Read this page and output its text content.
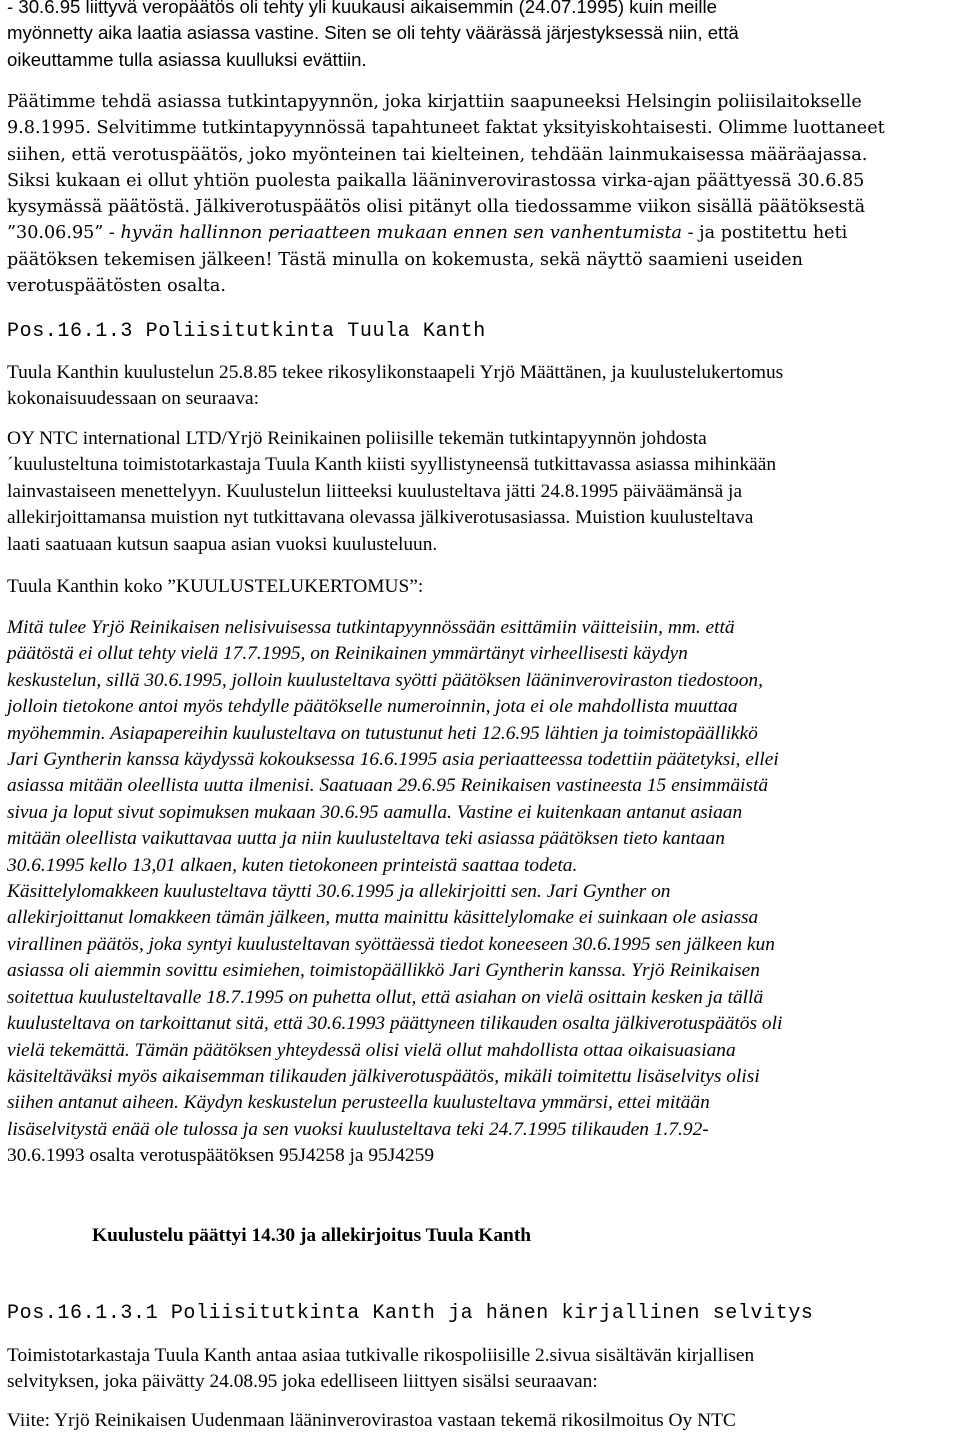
- 30.6.95 liittyvä veropäätös oli tehty yli kuukausi aikaisemmin (24.07.1995) kuin meille
myönnetty aika laatia asiassa vastine. Siten se oli tehty väärässä järjestyksessä niin, että
oikeuttamme tulla asiassa kuulluksi evättiin.
Päätimme tehdä asiassa tutkintapyynnön, joka kirjattiin saapuneeksi Helsingin poliisilaitokselle
9.8.1995. Selvitimme tutkintapyynnössä tapahtuneet faktat yksityiskohtaisesti. Olimme luottaneet
siihen, että verotuspäätös, joko myönteinen tai kielteinen, tehdään lainmukaisessa määräajassa.
Siksi kukaan ei ollut yhtiön puolesta paikalla lääninverovirastossa virka-ajan päättyessä 30.6.85
kysymässä päätöstä. Jälkiverotuspäätös olisi pitänyt olla tiedossamme viikon sisällä päätöksestä
”30.06.95” - hyvän hallinnon periaatteen mukaan ennen sen vanhentumista - ja postitettu heti
päätöksen tekemisen jälkeen! Tästä minulla on kokemusta, sekä näyttö saamieni useiden
verotuspäätösten osalta.
Pos.16.1.3 Poliisitutkinta Tuula Kanth
Tuula Kanthin kuulustelun 25.8.85 tekee rikosylikonstaapeli Yrjö Määttänen, ja kuulustelukertomus
kokonaisuudessaan on seuraava:
OY NTC international LTD/Yrjö Reinikainen poliisille tekemän tutkintapyynnön johdosta
´kuulusteltuna toimistotarkastaja Tuula Kanth kiisti syyllistyneensä tutkittavassa asiassa mihinkään
lainvastaiseen menettelyyn. Kuulustelun liitteeksi kuulusteltava jätti 24.8.1995 päiväämänsä ja
allekirjoittamansa muistion nyt tutkittavana olevassa jälkiverotusasiassa. Muistion kuulusteltava
laati saatuaan kutsun saapua asian vuoksi kuulusteluun.
Tuula Kanthin koko ”KUULUSTELUKERTOMUS”:
Mitä tulee Yrjö Reinikaisen nelisivuisessa tutkintapyynnössään esittämiin väitteisiin, mm. että
päätöstä ei ollut tehty vielä 17.7.1995, on Reinikainen ymmärtänyt virheellisesti käydyn
keskustelun, sillä 30.6.1995, jolloin kuulusteltava syötti päätöksen lääninveroviraston tiedostoon,
jolloin tietokone antoi myös tehdylle päätökselle numeroinnin, jota ei ole mahdollista muuttaa
myöhemmin. Asiapapereihin kuulusteltava on tutustunut heti 12.6.95 lähtien ja toimistopäällikkö
Jari Gyntherin kanssa käydyssä kokouksessa 16.6.1995 asia periaatteessa todettiin päätetyksi, ellei
asiassa mitään oleellista uutta ilmenisi. Saatuaan 29.6.95 Reinikaisen vastineesta 15 ensimmäistä
sivua ja loput sivut sopimuksen mukaan 30.6.95 aamulla. Vastine ei kuitenkaan antanut asiaan
mitään oleellista vaikuttavaa uutta ja niin kuulusteltava teki asiassa päätöksen tieto kantaan
30.6.1995 kello 13,01 alkaen, kuten tietokoneen printeistä saattaa todeta.
Käsittelylomakkeen kuulusteltava täytti 30.6.1995 ja allekirjoitti sen. Jari Gynther on
allekirjoittanut lomakkeen tämän jälkeen, mutta mainittu käsittelylomake ei suinkaan ole asiassa
virallinen päätös, joka syntyi kuulusteltavan syöttäessä tiedot koneeseen 30.6.1995 sen jälkeen kun
asiassa oli aiemmin sovittu esimiehen, toimistopäällikkö Jari Gyntherin kanssa. Yrjö Reinikaisen
soitettua kuulusteltavalle 18.7.1995 on puhetta ollut, että asiahan on vielä osittain kesken ja tällä
kuulusteltava on tarkoittanut sitä, että 30.6.1993 päättyneen tilikauden osalta jälkiverotuspäätös oli
vielä tekemättä. Tämän päätöksen yhteydessä olisi vielä ollut mahdollista ottaa oikaisuasiana
käsiteltäväksi myös aikaisemman tilikauden jälkiverotuspäätös, mikäli toimitettu lisäselvitys olisi
siihen antanut aiheen. Käydyn keskustelun perusteella kuulusteltava ymmärsi, ettei mitään
lisäselvitystä enää ole tulossa ja sen vuoksi kuulusteltava teki 24.7.1995 tilikauden 1.7.92-
30.6.1993 osalta verotuspäätöksen 95J4258 ja 95J4259
Kuulustelu päättyi 14.30 ja allekirjoitus Tuula Kanth
Pos.16.1.3.1 Poliisitutkinta Kanth ja hänen kirjallinen selvitys
Toimistotarkastaja Tuula Kanth antaa asiaa tutkivalle rikospoliisille 2.sivua sisältävän kirjallisen
selvityksen, joka päivätty 24.08.95 joka edelliseen liittyen sisälsi seuraavan:
Viite: Yrjö Reinikaisen Uudenmaan lääninverovirastoa vastaan tekemä rikosilmoitus Oy NTC
